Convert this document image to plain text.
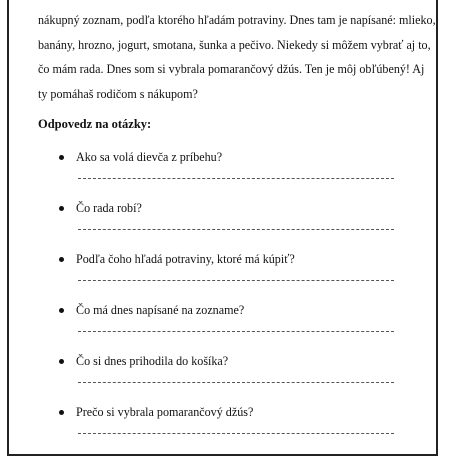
nákupný zoznam, podľa ktorého hľadám potraviny. Dnes tam je napísané: mlieko,
banány, hrozno, jogurt, smotana, šunka a pečivo. Niekedy si môžem vybrať aj to,
čo mám rada. Dnes som si vybrala pomarančový džús. Ten je môj obľúbený! Aj
ty pomáhaš rodičom s nákupom?
Odpovedz na otázky:
Ako sa volá dievča z príbehu?
Čo rada robí?
Podľa čoho hľadá potraviny, ktoré má kúpiť?
Čo má dnes napísané na zozname?
Čo si dnes prihodila do košíka?
Prečo si vybrala pomarančový džús?
